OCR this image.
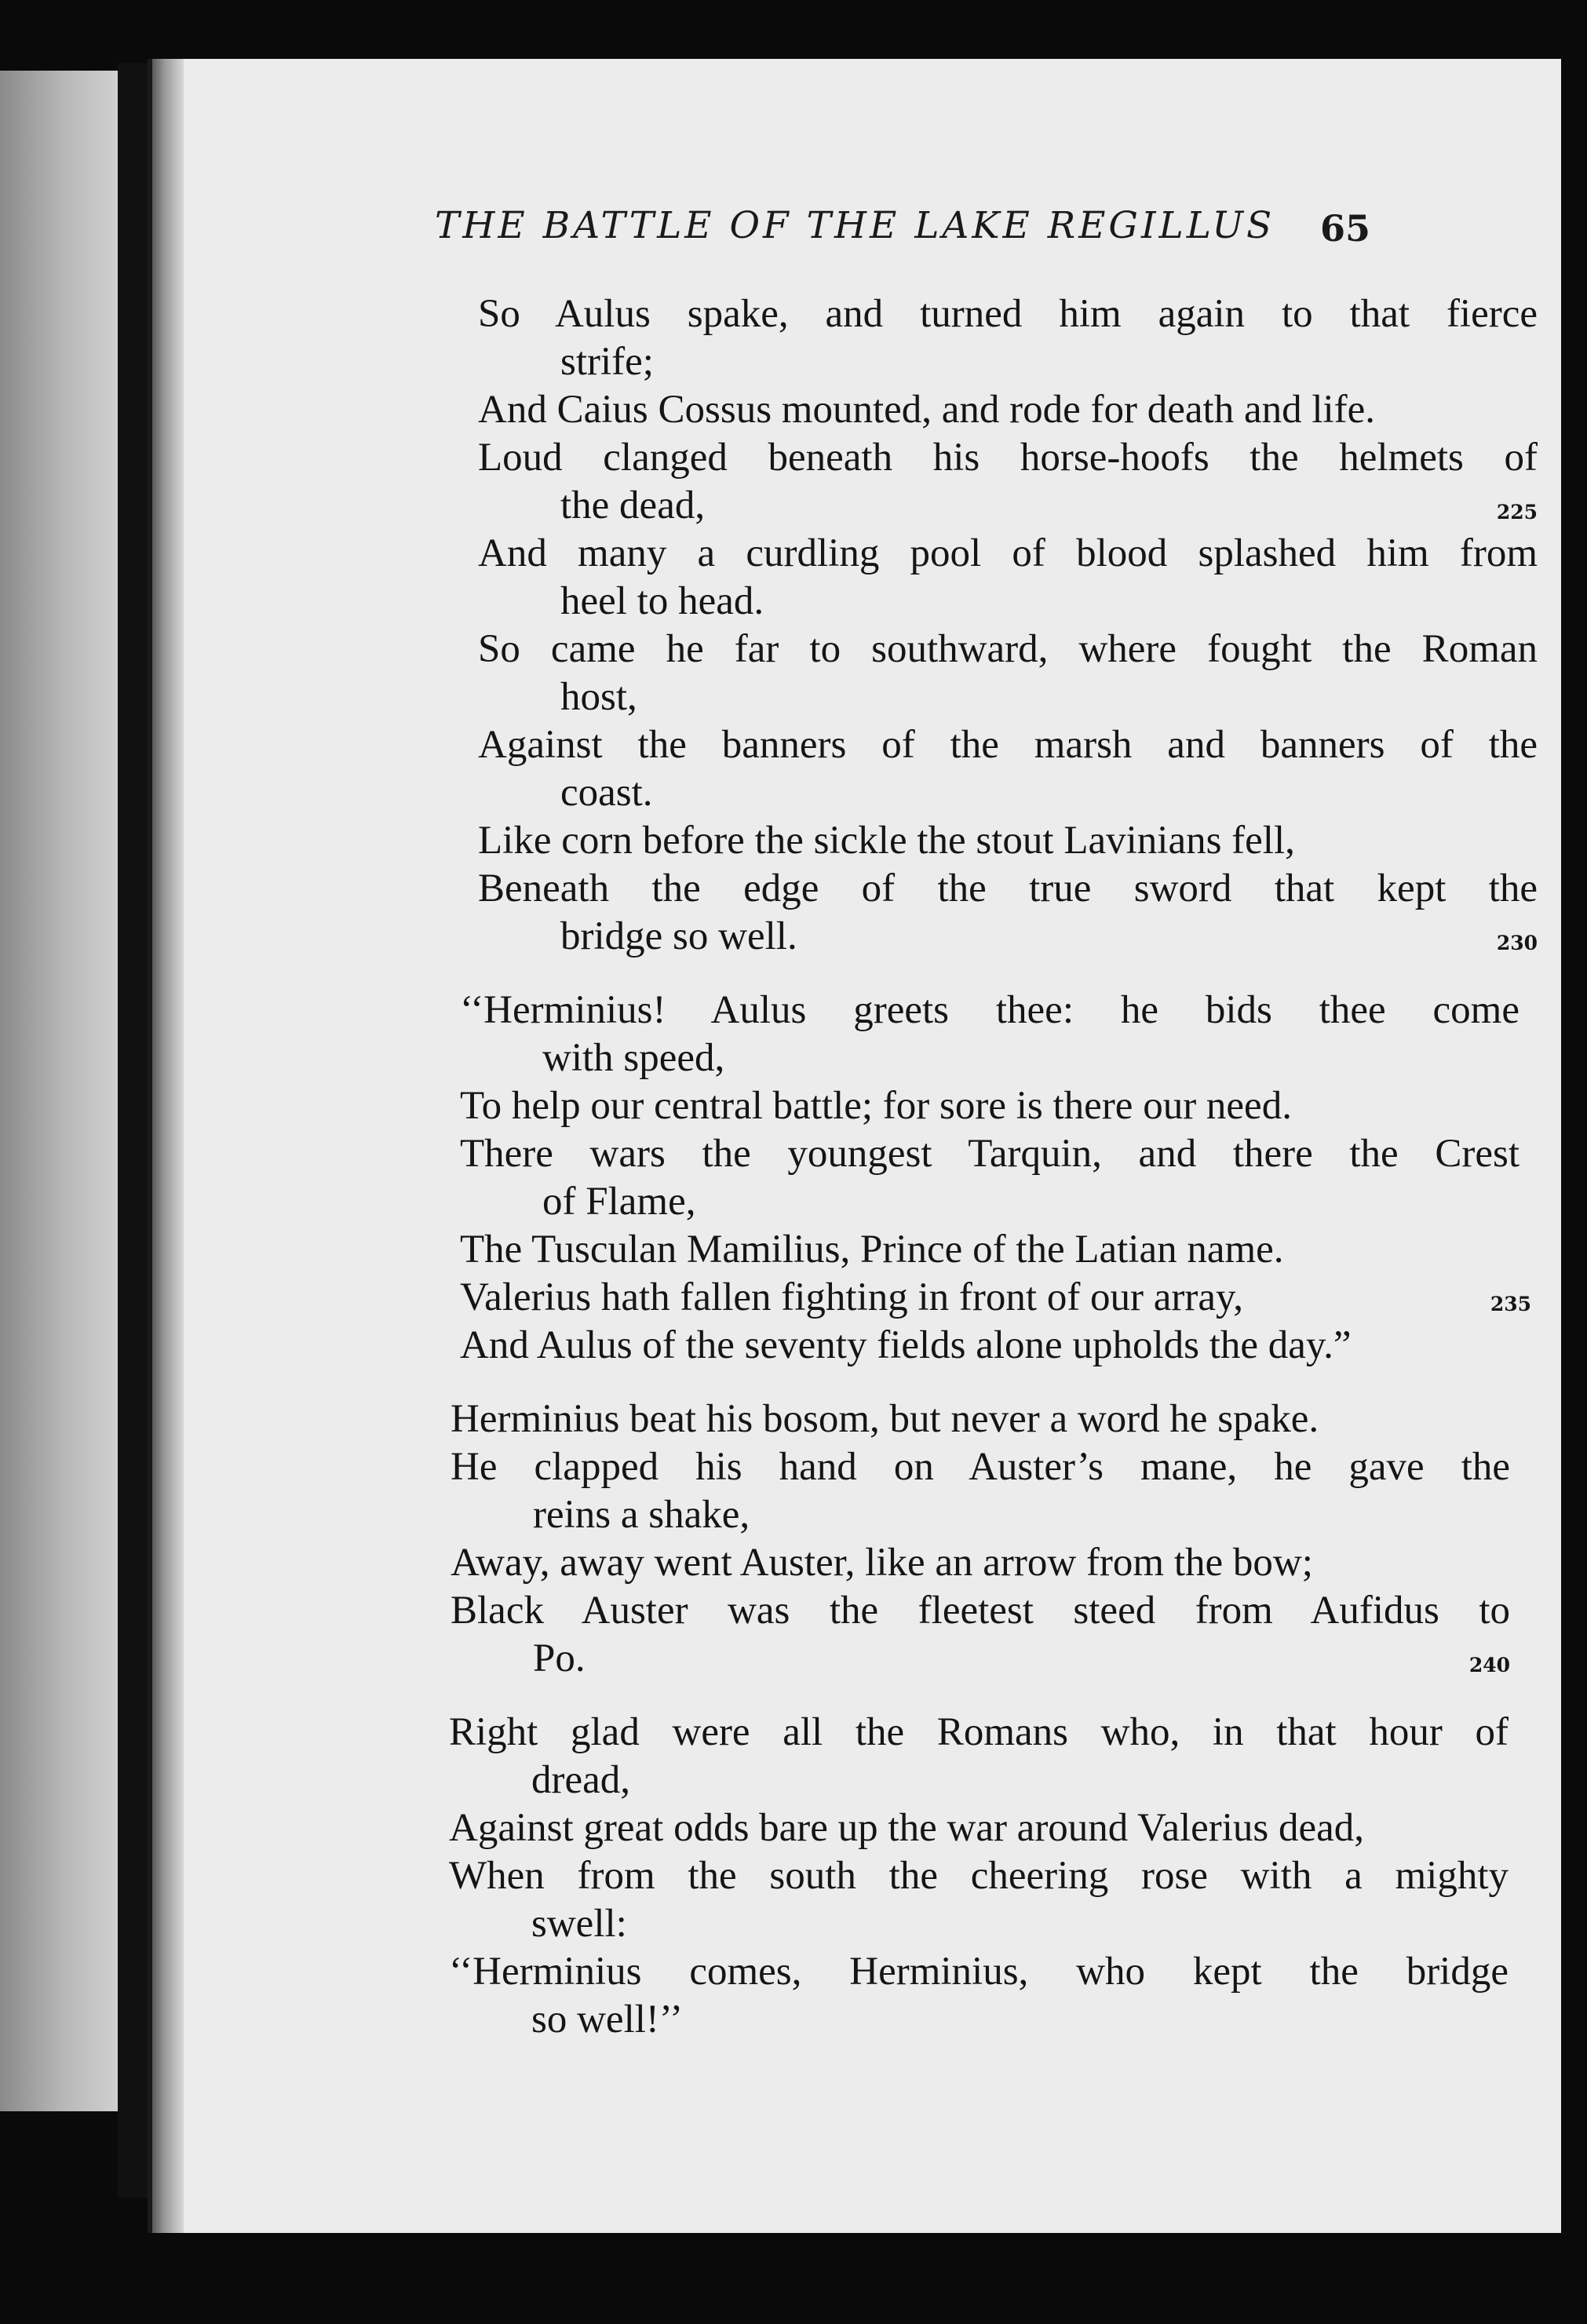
THE BATTLE OF THE LAKE REGILLUS 65
So Aulus spake, and turned him again to that fierce
strife;
And Caius Cossus mounted, and rode for death and life.
Loud clanged beneath his horse-hoofs the helmets of
the dead,	225
And many a curdling pool of blood splashed him from
heel to head.
So came he far to southward, where fought the Roman
host,
Against the banners of the marsh and banners of the
coast.
Like corn before the sickle the stout Lavinians fell,
Beneath the edge of the true sword that kept the
bridge so well.	230
‘‘Herminius! Aulus greets thee: he bids thee come
with speed,
To help our central battle; for sore is there our need.
There wars the youngest Tarquin, and there the Crest
of Flame,
The Tusculan Mamilius, Prince of the Latian name.
Valerius hath fallen fighting in front of our array,	235
And Aulus of the seventy fields alone upholds the day.”
Herminius beat his bosom, but never a word he spake.
He clapped his hand on Auster’s mane, he gave the
reins a shake,
Away, away went Auster, like an arrow from the bow;
Black Auster was the fleetest steed from Aufidus to
Po.	240
Right glad were all the Romans who, in that hour of
dread,
Against great odds bare up the war around Valerius dead,
When from the south the cheering rose with a mighty
swell:
‘‘Herminius comes, Herminius, who kept the bridge
so well!’’
